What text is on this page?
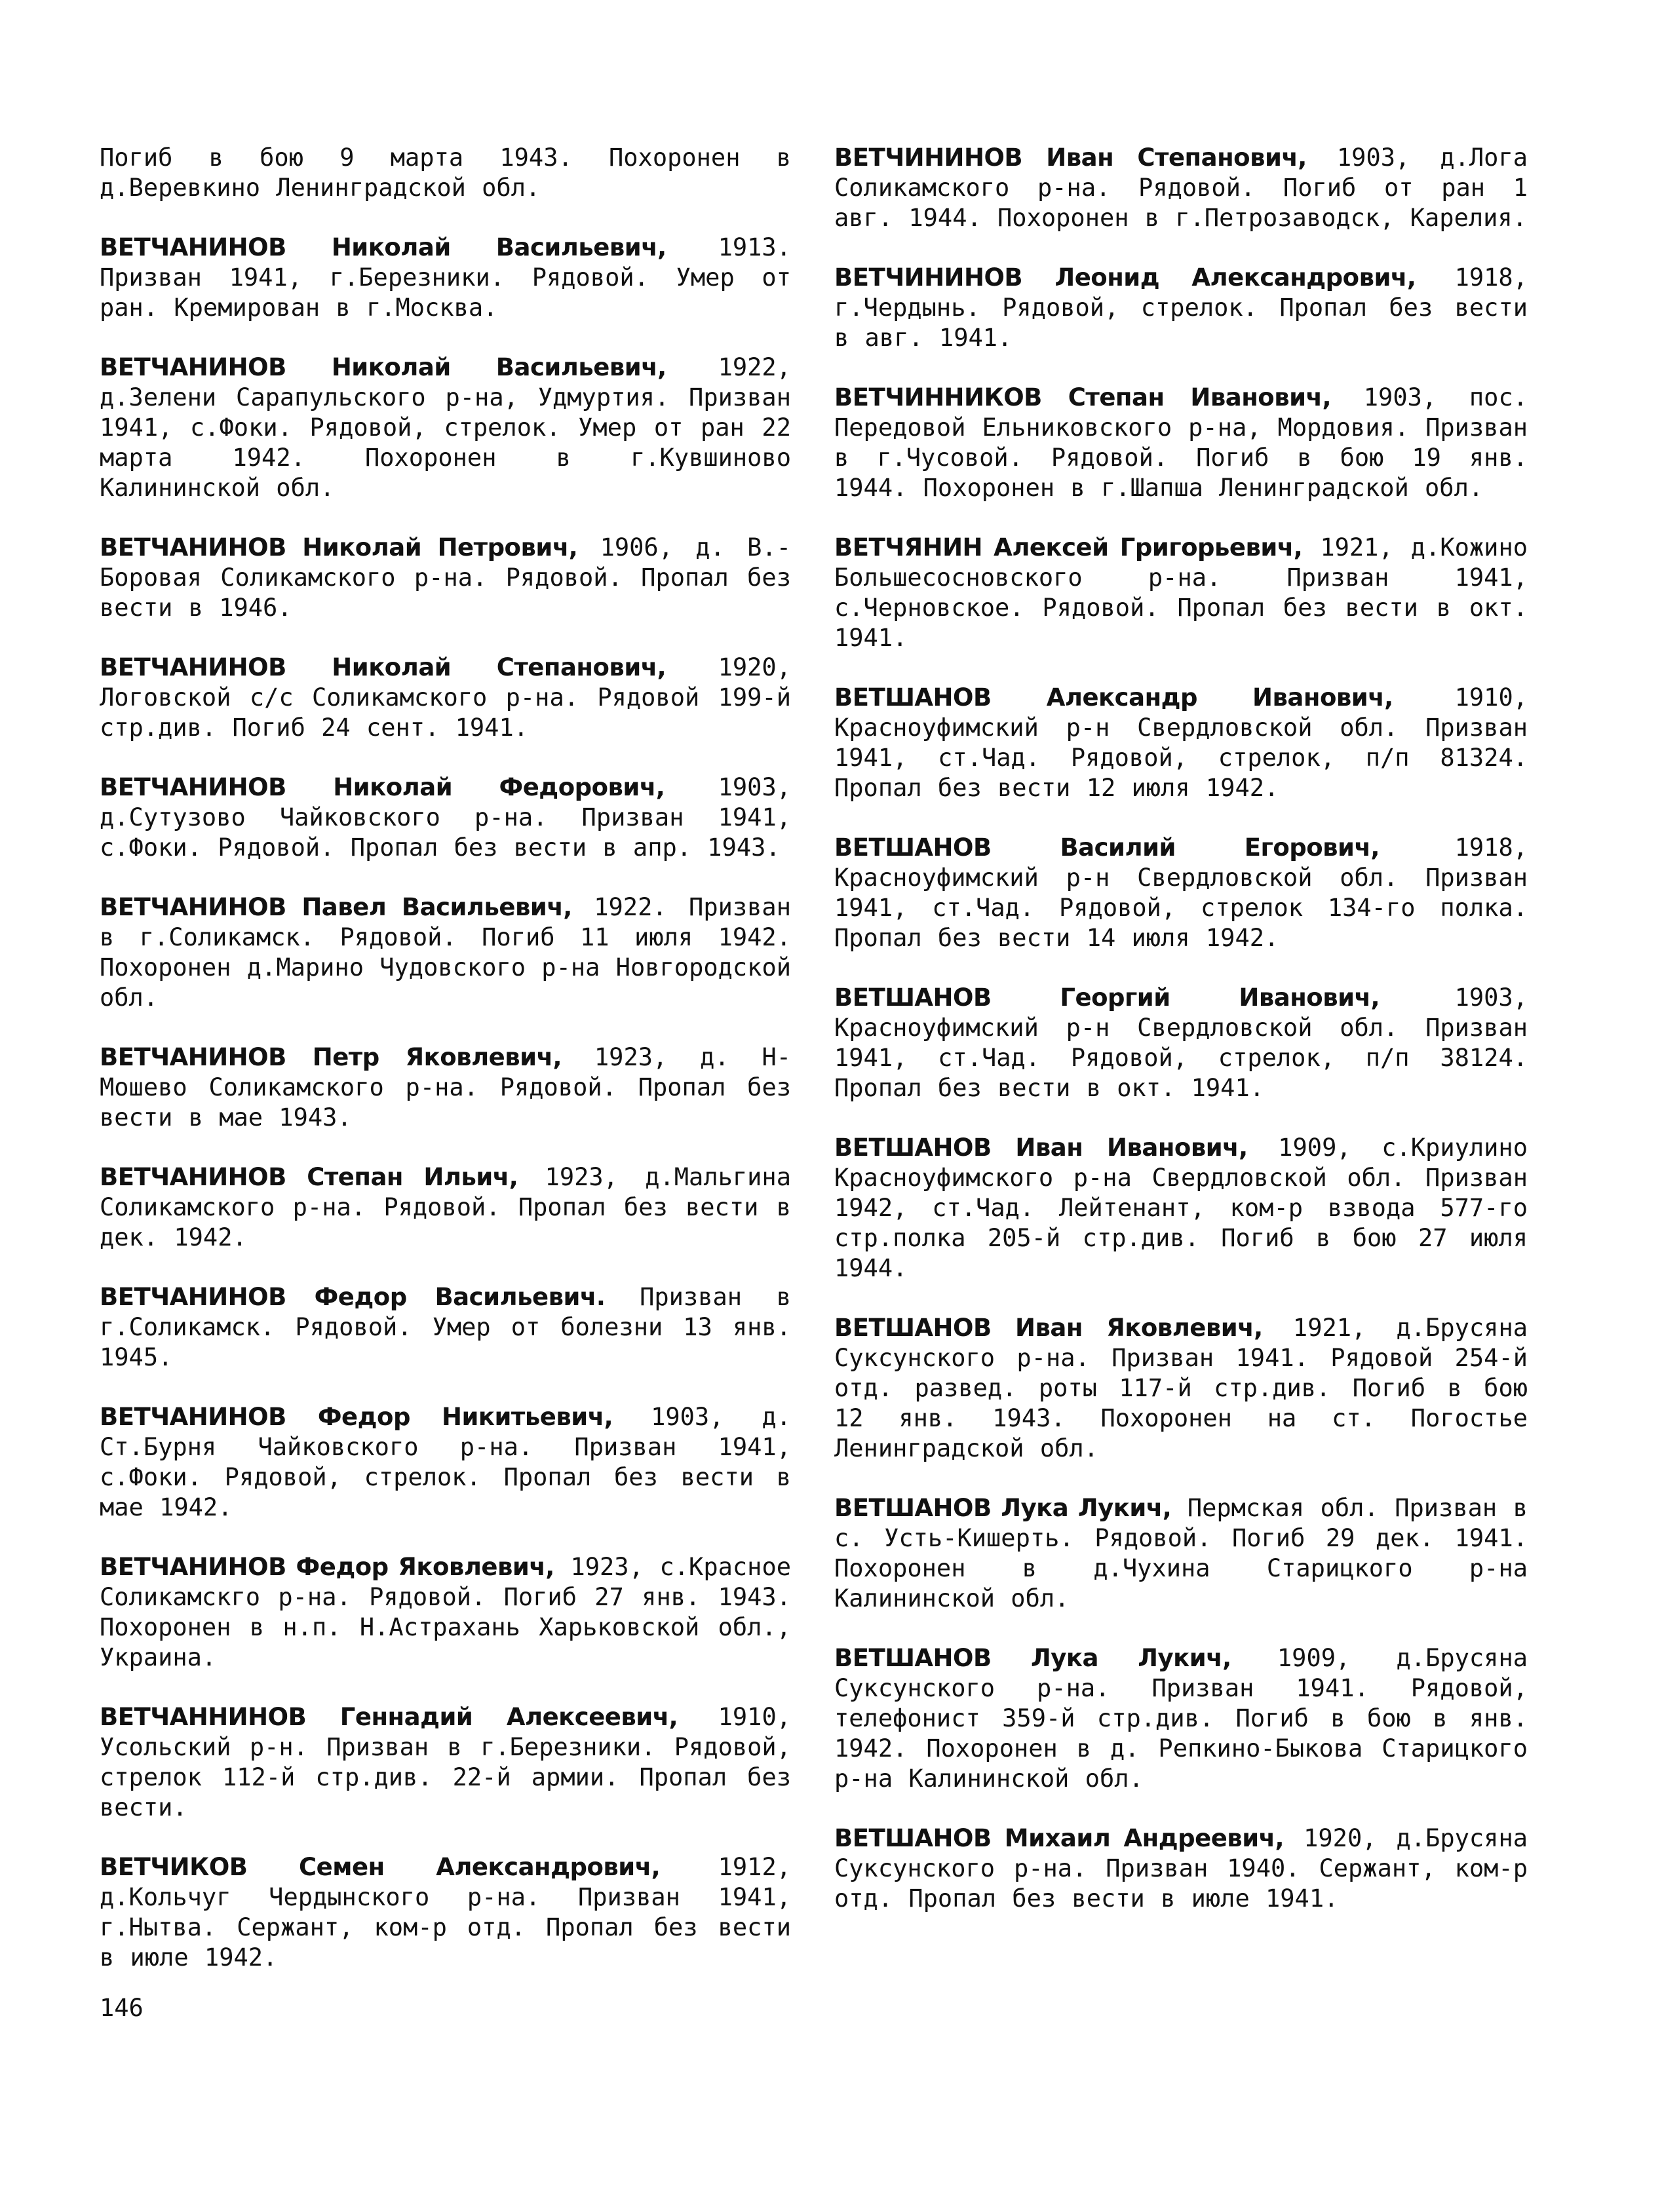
Погиб в бою 9 марта 1943. Похоронен в д.Веревкино Ленинградской обл.

ВЕТЧАНИНОВ Николай Васильевич, 1913. Призван 1941, г.Березники. Рядовой. Умер от ран. Кремирован в г.Москва.

ВЕТЧАНИНОВ Николай Васильевич, 1922, д.Зелени Сарапульского р-на, Удмуртия. Призван 1941, с.Фоки. Рядовой, стрелок. Умер от ран 22 марта 1942. Похоронен в г.Кувшиново Калининской обл.

ВЕТЧАНИНОВ Николай Петрович, 1906, д. В.-Боровая Соликамского р-на. Рядовой. Пропал без вести в 1946.

ВЕТЧАНИНОВ Николай Степанович, 1920, Логовской с/с Соликамского р-на. Рядовой 199-й стр.див. Погиб 24 сент. 1941.

ВЕТЧАНИНОВ Николай Федорович, 1903, д.Сутузово Чайковского р-на. Призван 1941, с.Фоки. Рядовой. Пропал без вести в апр. 1943.

ВЕТЧАНИНОВ Павел Васильевич, 1922. Призван в г.Соликамск. Рядовой. Погиб 11 июля 1942. Похоронен д.Марино Чудовского р-на Новгородской обл.

ВЕТЧАНИНОВ Петр Яковлевич, 1923, д. Н-Мошево Соликамского р-на. Рядовой. Пропал без вести в мае 1943.

ВЕТЧАНИНОВ Степан Ильич, 1923, д.Мальгина Соликамского р-на. Рядовой. Пропал без вести в дек. 1942.

ВЕТЧАНИНОВ Федор Васильевич. Призван в г.Соликамск. Рядовой. Умер от болезни 13 янв. 1945.

ВЕТЧАНИНОВ Федор Никитьевич, 1903, д. Ст.Бурня Чайковского р-на. Призван 1941, с.Фоки. Рядовой, стрелок. Пропал без вести в мае 1942.

ВЕТЧАНИНОВ Федор Яковлевич, 1923, с.Красное Соликамскго р-на. Рядовой. Погиб 27 янв. 1943. Похоронен в н.п. Н.Астрахань Харьковской обл., Украина.

ВЕТЧАННИНОВ Геннадий Алексеевич, 1910, Усольский р-н. Призван в г.Березники. Рядовой, стрелок 112-й стр.див. 22-й армии. Пропал без вести.

ВЕТЧИКОВ Семен Александрович, 1912, д.Кольчуг Чердынского р-на. Призван 1941, г.Нытва. Сержант, ком-р отд. Пропал без вести в июле 1942.

ВЕТЧИНИНОВ Иван Степанович, 1903, д.Лога Соликамского р-на. Рядовой. Погиб от ран 1 авг. 1944. Похоронен в г.Петрозаводск, Карелия.

ВЕТЧИНИНОВ Леонид Александрович, 1918, г.Чердынь. Рядовой, стрелок. Пропал без вести в авг. 1941.

ВЕТЧИННИКОВ Степан Иванович, 1903, пос. Передовой Ельниковского р-на, Мордовия. Призван в г.Чусовой. Рядовой. Погиб в бою 19 янв. 1944. Похоронен в г.Шапша Ленинградской обл.

ВЕТЧЯНИН Алексей Григорьевич, 1921, д.Кожино Большесосновского р-на. Призван 1941, с.Черновское. Рядовой. Пропал без вести в окт. 1941.

ВЕТШАНОВ Александр Иванович, 1910, Красноуфимский р-н Свердловской обл. Призван 1941, ст.Чад. Рядовой, стрелок, п/п 81324. Пропал без вести 12 июля 1942.

ВЕТШАНОВ Василий Егорович, 1918, Красноуфимский р-н Свердловской обл. Призван 1941, ст.Чад. Рядовой, стрелок 134-го полка. Пропал без вести 14 июля 1942.

ВЕТШАНОВ Георгий Иванович, 1903, Красноуфимский р-н Свердловской обл. Призван 1941, ст.Чад. Рядовой, стрелок, п/п 38124. Пропал без вести в окт. 1941.

ВЕТШАНОВ Иван Иванович, 1909, с.Криулино Красноуфимского р-на Свердловской обл. Призван 1942, ст.Чад. Лейтенант, ком-р взвода 577-го стр.полка 205-й стр.див. Погиб в бою 27 июля 1944.

ВЕТШАНОВ Иван Яковлевич, 1921, д.Брусяна Суксунского р-на. Призван 1941. Рядовой 254-й отд. развед. роты 117-й стр.див. Погиб в бою 12 янв. 1943. Похоронен на ст. Погостье Ленинградской обл.

ВЕТШАНОВ Лука Лукич, Пермская обл. Призван в с. Усть-Кишерть. Рядовой. Погиб 29 дек. 1941. Похоронен в д.Чухина Старицкого р-на Калининской обл.

ВЕТШАНОВ Лука Лукич, 1909, д.Брусяна Суксунского р-на. Призван 1941. Рядовой, телефонист 359-й стр.див. Погиб в бою в янв. 1942. Похоронен в д. Репкино-Быкова Старицкого р-на Калининской обл.

ВЕТШАНОВ Михаил Андреевич, 1920, д.Брусяна Суксунского р-на. Призван 1940. Сержант, ком-р отд. Пропал без вести в июле 1941.

146
